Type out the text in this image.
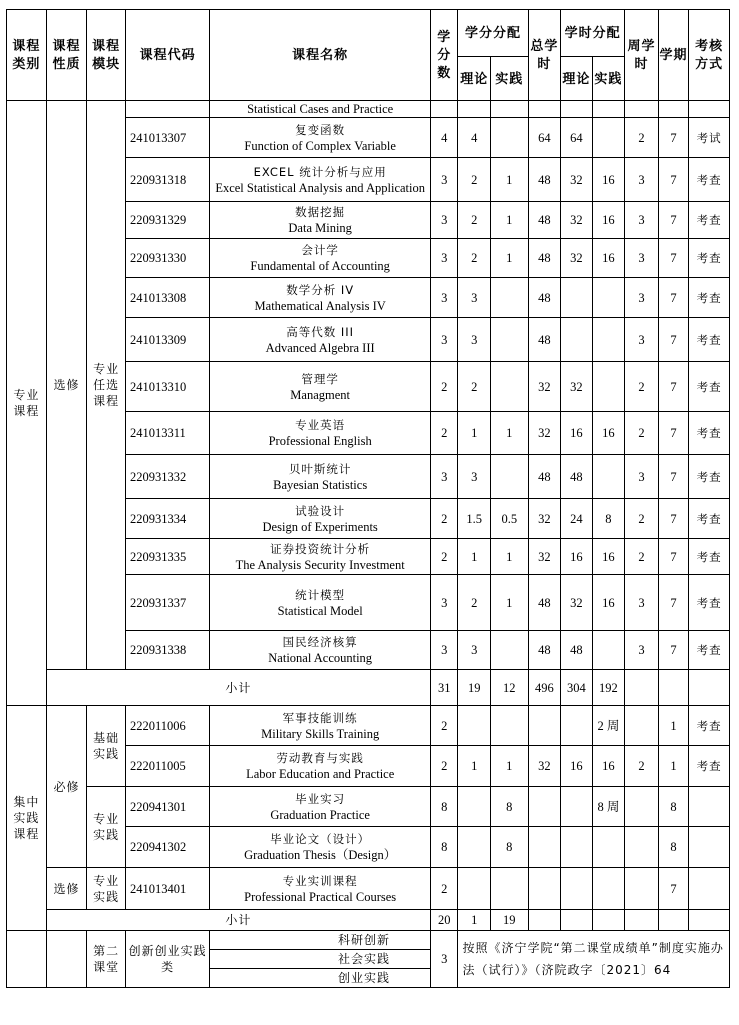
课程类别	课程性质	课程模块	课程代码	课程名称	学分数	学分分配		总学时	学时分配		周学时	学期	考核方式
						理论	实践		理论	实践			
专业课程	选修	专业任选课程		Statistical Cases and Practice									
			241013307	复变函数
Function of Complex Variable	4	4		64	64		2	7	考试
			220931318	EXCEL 统计分析与应用
Excel Statistical Analysis and Application	3	2	1	48	32	16	3	7	考查
			220931329	数据挖掘
Data Mining	3	2	1	48	32	16	3	7	考查
			220931330	会计学
Fundamental of Accounting	3	2	1	48	32	16	3	7	考查
			241013308	数学分析 IV
Mathematical Analysis IV	3	3		48			3	7	考查
			241013309	高等代数 III
Advanced Algebra III	3	3		48			3	7	考查
			241013310	管理学
Managment	2	2		32	32		2	7	考查
			241013311	专业英语
Professional English	2	1	1	32	16	16	2	7	考查
			220931332	贝叶斯统计
Bayesian Statistics	3	3		48	48		3	7	考查
			220931334	试验设计
Design of Experiments	2	1.5	0.5	32	24	8	2	7	考查
			220931335	证券投资统计分析
The Analysis Security Investment	2	1	1	32	16	16	2	7	考查
			220931337	统计模型
Statistical Model	3	2	1	48	32	16	3	7	考查
			220931338	国民经济核算
National Accounting	3	3		48	48		3	7	考查
	小计				31	19	12	496	304	192			
集中实践课程	必修	基础实践	222011006	军事技能训练
Military Skills Training	2					2 周		1	考查
			222011005	劳动教育与实践
Labor Education and Practice	2	1	1	32	16	16	2	1	考查
		专业实践	220941301	毕业实习
Graduation Practice	8		8			8 周		8	
			220941302	毕业论文（设计）
Graduation Thesis（Design）	8		8					8	
	选修	专业实践	241013401	专业实训课程
Professional Practical Courses	2							7	
	小计				20	1	19						
		第二课堂	创新创业实践类	科研创新	3	按照《济宁学院“第二课堂成绩单”制度实施办法（试行）》（济院政字〔2021〕64							
				社会实践									
				创业实践									
